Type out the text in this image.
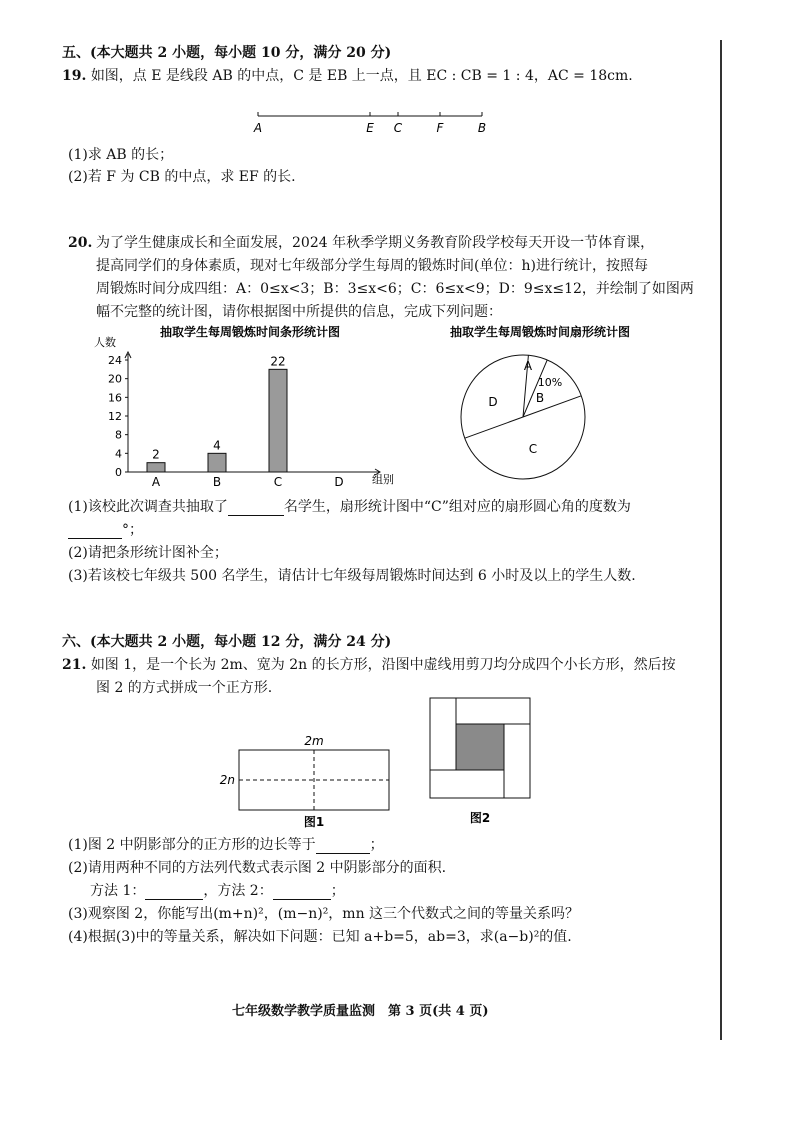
五、(本大题共 2 小题，每小题 10 分，满分 20 分)
19. 如图，点 E 是线段 AB 的中点，C 是 EB 上一点，且 EC : CB = 1 : 4，AC = 18cm.
A	E C	F	B
(1)求 AB 的长；
(2)若 F 为 CB 的中点，求 EF 的长.
20. 为了学生健康成长和全面发展，2024 年秋季学期义务教育阶段学校每天开设一节体育课，
提高同学们的身体素质，现对七年级部分学生每周的锻炼时间(单位：h)进行统计，按照每
周锻炼时间分成四组：A：0≤x<3；B：3≤x<6；C：6≤x<9；D：9≤x≤12，并绘制了如图两
幅不完整的统计图，请你根据图中所提供的信息，完成下列问题：
抽取学生每周锻炼时间条形统计图
人数
0
4
8
12
16
20
24
2
4
22
A	B	C	D	组别
抽取学生每周锻炼时间扇形统计图
A
B
C
D
10%
(1)该校此次调查共抽取了	名学生，扇形统计图中“C”组对应的扇形圆心角的度数为
°；
(2)请把条形统计图补全；
(3)若该校七年级共 500 名学生，请估计七年级每周锻炼时间达到 6 小时及以上的学生人数.
六、(本大题共 2 小题，每小题 12 分，满分 24 分)
21. 如图 1，是一个长为 2m、宽为 2n 的长方形，沿图中虚线用剪刀均分成四个小长方形，然后按
图 2 的方式拼成一个正方形.
2m
2n
图1	图2
(1)图 2 中阴影部分的正方形的边长等于	；
(2)请用两种不同的方法列代数式表示图 2 中阴影部分的面积.
方法 1：	，方法 2：	；
(3)观察图 2，你能写出(m+n)²，(m−n)²，mn 这三个代数式之间的等量关系吗？
(4)根据(3)中的等量关系，解决如下问题：已知 a+b=5，ab=3，求(a−b)²的值.
七年级数学教学质量监测　第 3 页(共 4 页)
